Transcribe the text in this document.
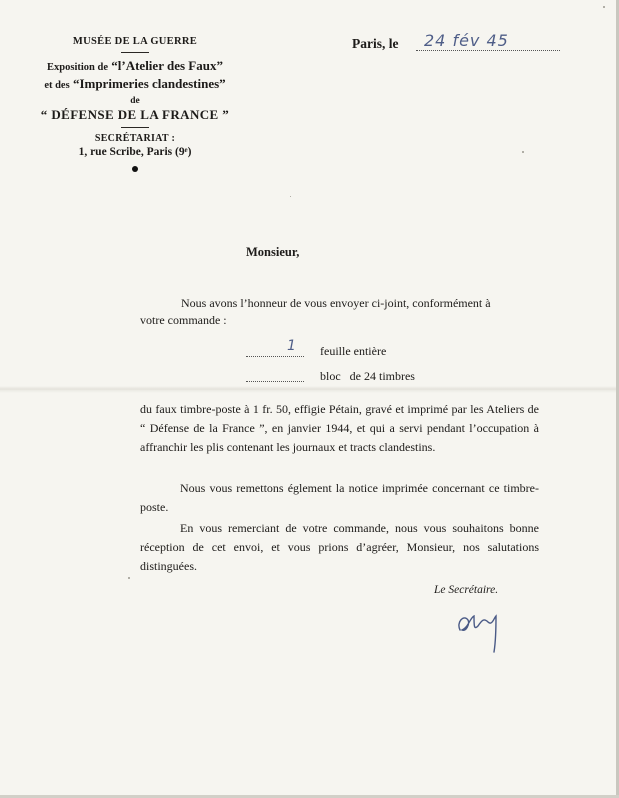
MUSÉE DE LA GUERRE
Exposition de “l’Atelier des Faux”
et des “Imprimeries clandestines”
de
“ DÉFENSE DE LA FRANCE ”
SECRÉTARIAT :
1, rue Scribe, Paris (9ᵉ)
Paris, le 24 fév 45
Monsieur,
Nous avons l’honneur de vous envoyer ci-joint, conformément à
votre commande :
1 feuille entière
bloc   de 24 timbres
du faux timbre-poste à 1 fr. 50, effigie Pétain, gravé et imprimé par les Ateliers de “ Défense de la France ”, en janvier 1944, et qui a servi pendant l’occupation à affranchir les plis contenant les journaux et tracts clandestins.
Nous vous remettons églement la notice imprimée concernant ce timbre-poste.
En vous remerciant de votre commande, nous vous souhaitons bonne réception de cet envoi, et vous prions d’agréer, Monsieur, nos salutations distinguées.
Le Secrétaire.
